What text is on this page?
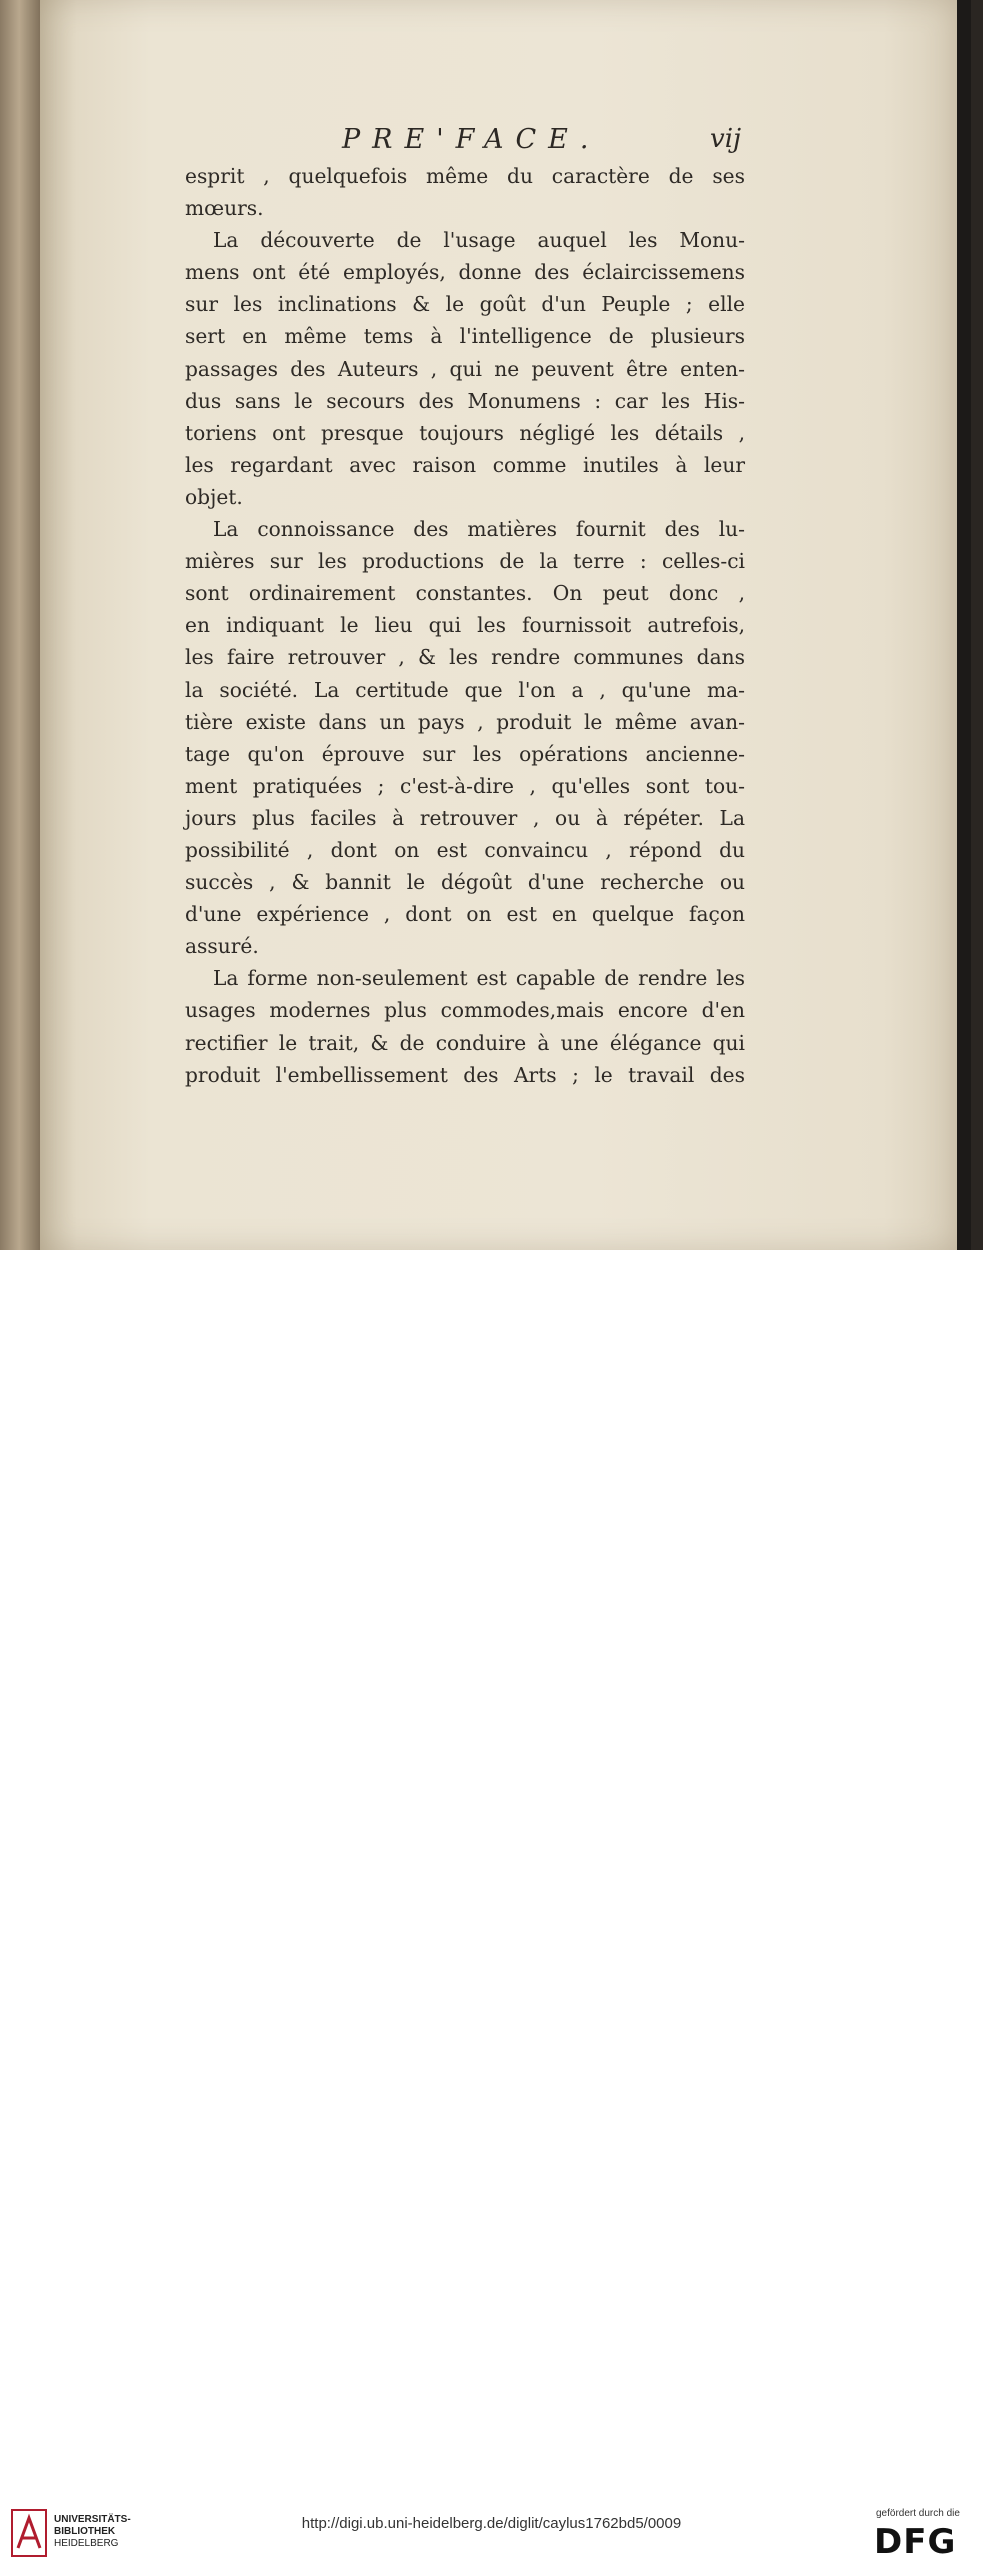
PRE'FACE.	vij
esprit , quelquefois même du caractère de ses
mœurs.
La découverte de l'usage auquel les Monu-
mens ont été employés, donne des éclaircissemens
sur les inclinations & le goût d'un Peuple ; elle
sert en même tems à l'intelligence de plusieurs
passages des Auteurs , qui ne peuvent être enten-
dus sans le secours des Monumens : car les His-
toriens ont presque toujours négligé les détails ,
les regardant avec raison comme inutiles à leur
objet.
La connoissance des matières fournit des lu-
mières sur les productions de la terre : celles-ci
sont ordinairement constantes. On peut donc ,
en indiquant le lieu qui les fournissoit autrefois,
les faire retrouver , & les rendre communes dans
la société. La certitude que l'on a , qu'une ma-
tière existe dans un pays , produit le même avan-
tage qu'on éprouve sur les opérations ancienne-
ment pratiquées ; c'est-à-dire , qu'elles sont tou-
jours plus faciles à retrouver , ou à répéter. La
possibilité , dont on est convaincu , répond du
succès , & bannit le dégoût d'une recherche ou
d'une expérience , dont on est en quelque façon
assuré.
La forme non-seulement est capable de rendre les
usages modernes plus commodes,mais encore d'en
rectifier le trait, & de conduire à une élégance qui
produit l'embellissement des Arts ; le travail des
UNIVERSITÄTS-
BIBLIOTHEK
HEIDELBERG
http://digi.ub.uni-heidelberg.de/diglit/caylus1762bd5/0009
gefördert durch die
DFG
